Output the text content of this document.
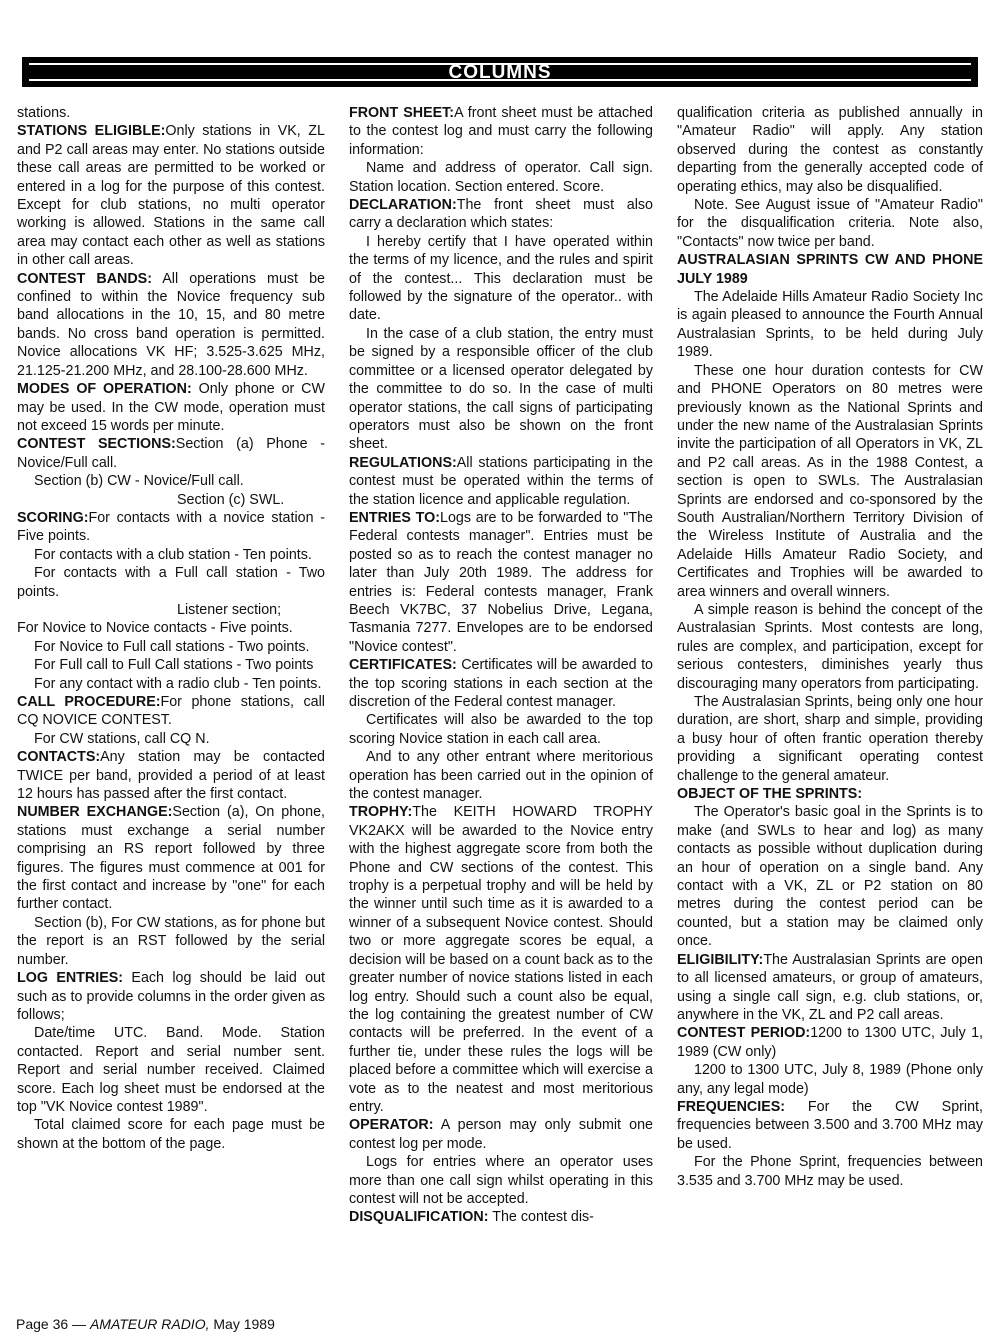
COLUMNS

stations.

STATIONS ELIGIBLE:Only stations in VK, ZL and P2 call areas may enter. No stations outside these call areas are permitted to be worked or entered in a log for the purpose of this contest. Except for club stations, no multi operator working is allowed. Stations in the same call area may contact each other as well as stations in other call areas.

CONTEST BANDS: All operations must be confined to within the Novice frequency sub band allocations in the 10, 15, and 80 metre bands. No cross band operation is permitted. Novice allocations VK HF; 3.525-3.625 MHz, 21.125-21.200 MHz, and 28.100-28.600 MHz.

MODES OF OPERATION: Only phone or CW may be used. In the CW mode, operation must not exceed 15 words per minute.

CONTEST SECTIONS:Section (a) Phone - Novice/Full call.

Section (b) CW - Novice/Full call.

Section (c) SWL.

SCORING:For contacts with a novice station - Five points.

For contacts with a club station - Ten points.

For contacts with a Full call station - Two points.

Listener section;

For Novice to Novice contacts - Five points.

For Novice to Full call stations - Two points.

For Full call to Full Call stations - Two points

For any contact with a radio club - Ten points.

CALL PROCEDURE:For phone stations, call CQ NOVICE CONTEST.

For CW stations, call CQ N.

CONTACTS:Any station may be contacted TWICE per band, provided a period of at least 12 hours has passed after the first contact.

NUMBER EXCHANGE:Section (a), On phone, stations must exchange a serial number comprising an RS report followed by three figures. The figures must commence at 001 for the first contact and increase by "one" for each further contact.

Section (b), For CW stations, as for phone but the report is an RST followed by the serial number.

LOG ENTRIES: Each log should be laid out such as to provide columns in the order given as follows;

Date/time UTC. Band. Mode. Station contacted. Report and serial number sent. Report and serial number received. Claimed score. Each log sheet must be endorsed at the top "VK Novice contest 1989".

Total claimed score for each page must be shown at the bottom of the page.

FRONT SHEET:A front sheet must be attached to the contest log and must carry the following information:

Name and address of operator. Call sign. Station location. Section entered. Score.

DECLARATION:The front sheet must also carry a declaration which states:

I hereby certify that I have operated within the terms of my licence, and the rules and spirit of the contest... This declaration must be followed by the signature of the operator.. with date.

In the case of a club station, the entry must be signed by a responsible officer of the club committee or a licensed operator delegated by the committee to do so. In the case of multi operator stations, the call signs of participating operators must also be shown on the front sheet.

REGULATIONS:All stations participating in the contest must be operated within the terms of the station licence and applicable regulation.

ENTRIES TO:Logs are to be forwarded to "The Federal contests manager". Entries must be posted so as to reach the contest manager no later than July 20th 1989. The address for entries is: Federal contests manager, Frank Beech VK7BC, 37 Nobelius Drive, Legana, Tasmania 7277. Envelopes are to be endorsed "Novice contest".

CERTIFICATES: Certificates will be awarded to the top scoring stations in each section at the discretion of the Federal contest manager.

Certificates will also be awarded to the top scoring Novice station in each call area.

And to any other entrant where meritorious operation has been carried out in the opinion of the contest manager.

TROPHY:The KEITH HOWARD TROPHY VK2AKX will be awarded to the Novice entry with the highest aggregate score from both the Phone and CW sections of the contest. This trophy is a perpetual trophy and will be held by the winner until such time as it is awarded to a winner of a subsequent Novice contest. Should two or more aggregate scores be equal, a decision will be based on a count back as to the greater number of novice stations listed in each log entry. Should such a count also be equal, the log containing the greatest number of CW contacts will be preferred. In the event of a further tie, under these rules the logs will be placed before a committee which will exercise a vote as to the neatest and most meritorious entry.

OPERATOR: A person may only submit one contest log per mode.

Logs for entries where an operator uses more than one call sign whilst operating in this contest will not be accepted.

DISQUALIFICATION: The contest dis-

qualification criteria as published annually in "Amateur Radio" will apply. Any station observed during the contest as constantly departing from the generally accepted code of operating ethics, may also be disqualified.

Note. See August issue of "Amateur Radio" for the disqualification criteria. Note also, "Contacts" now twice per band.

AUSTRALASIAN SPRINTS CW AND PHONE JULY 1989

The Adelaide Hills Amateur Radio Society Inc is again pleased to announce the Fourth Annual Australasian Sprints, to be held during July 1989.

These one hour duration contests for CW and PHONE Operators on 80 metres were previously known as the National Sprints and under the new name of the Australasian Sprints invite the participation of all Operators in VK, ZL and P2 call areas. As in the 1988 Contest, a section is open to SWLs. The Australasian Sprints are endorsed and co-sponsored by the South Australian/Northern Territory Division of the Wireless Institute of Australia and the Adelaide Hills Amateur Radio Society, and Certificates and Trophies will be awarded to area winners and overall winners.

A simple reason is behind the concept of the Australasian Sprints. Most contests are long, rules are complex, and participation, except for serious contesters, diminishes yearly thus discouraging many operators from participating.

The Australasian Sprints, being only one hour duration, are short, sharp and simple, providing a busy hour of often frantic operation thereby providing a significant operating contest challenge to the general amateur.

OBJECT OF THE SPRINTS:

The Operator's basic goal in the Sprints is to make (and SWLs to hear and log) as many contacts as possible without duplication during an hour of operation on a single band. Any contact with a VK, ZL or P2 station on 80 metres during the contest period can be counted, but a station may be claimed only once.

ELIGIBILITY:The Australasian Sprints are open to all licensed amateurs, or group of amateurs, using a single call sign, e.g. club stations, or, anywhere in the VK, ZL and P2 call areas.

CONTEST PERIOD:1200 to 1300 UTC, July 1, 1989 (CW only)

1200 to 1300 UTC, July 8, 1989 (Phone only any, any legal mode)

FREQUENCIES: For the CW Sprint, frequencies between 3.500 and 3.700 MHz may be used.

For the Phone Sprint, frequencies between 3.535 and 3.700 MHz may be used.

Page 36 — AMATEUR RADIO, May 1989
